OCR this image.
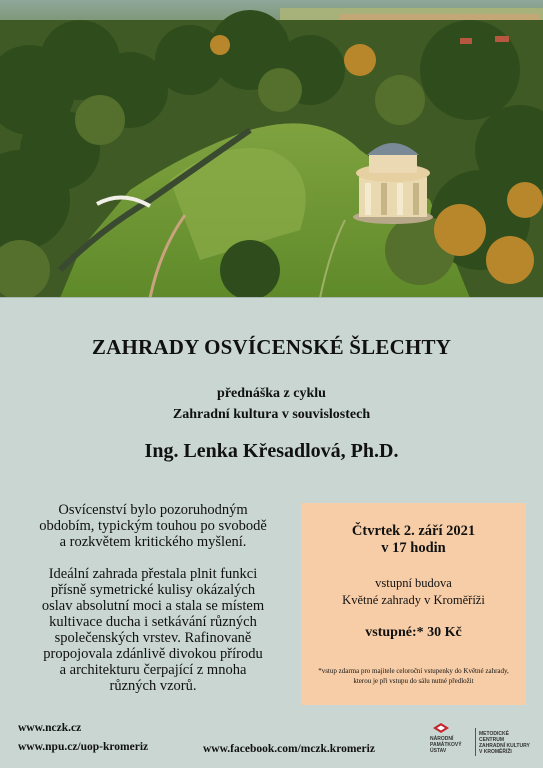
ZAHRADY OSVÍCENSKÉ ŠLECHTY
přednáška z cyklu
Zahradní kultura v souvislostech
Ing. Lenka Křesadlová, Ph.D.

Osvícenství bylo pozoruhodným
obdobím, typickým touhou po svobodě
a rozkvětem kritického myšlení.

Ideální zahrada přestala plnit funkci
přísně symetrické kulisy okázalých
oslav absolutní moci a stala se místem
kultivace ducha i setkávání různých
společenských vrstev. Rafinovaně
propojovala zdánlivě divokou přírodu
a architekturu čerpající z mnoha
různých vzorů.

Čtvrtek 2. září 2021
v 17 hodin
vstupní budova
Květné zahrady v Kroměříži
vstupné:* 30 Kč
*vstup zdarma pro majitele celoroční vstupenky do Květné zahrady,
kterou je při vstupu do sálu nutné předložit
www.nczk.cz
www.npu.cz/uop-kromeriz	www.facebook.com/mczk.kromeriz
NÁRODNÍ
PAMÁTKOVÝ
ÚSTAV
METODICKÉ CENTRUM
ZAHRADNÍ KULTURY
V KROMĚŘÍŽI
